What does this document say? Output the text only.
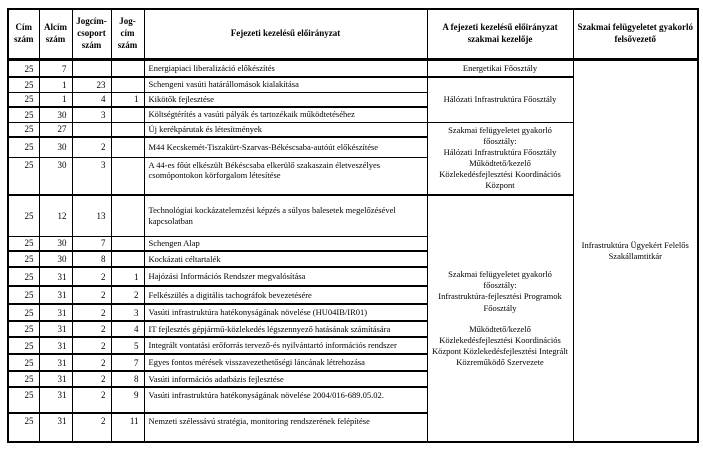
Cím szám	Alcím szám	Jogcím-csoport szám	Jog-cím szám	Fejezeti kezelésű előirányzat	A fejezeti kezelésű előirányzat szakmai kezelője	Szakmai felügyeletet gyakorló felsővezető
25	7			Energiapiaci liberalizáció előkészítés	Energetikai Főosztály	Infrastruktúra Ügyekért Felelős Szakállamtitkár
25	1	23		Schengeni vasúti határállomások kialakítása	Hálózati Infrastruktúra Főosztály	

25	1	4	1	Kikötők fejlesztése		
25	30	3		Költségtérítés a vasúti pályák és tartozékaik működtetéséhez		
25	27			Új kerékpárutak és létesítmények	Szakmai felügyeletet gyakorló főosztály:
Hálózati Infrastruktúra Főosztály
Működtető/kezelő
Közlekedésfejlesztési Koordinációs Központ	

25	30	2		M44 Kecskemét-Tiszakürt-Szarvas-Békéscsaba-autóút előkészítése		
25	30	3		A 44-es főút elkészült Békéscsaba elkerülő szakaszain életveszélyes csomópontokon körforgalom létesítése		
25	12	13		Technológiai kockázatelemzési képzés a súlyos balesetek megelőzésével kapcsolatban	Szakmai felügyeletet gyakorló főosztály:
Infrastruktúra-fejlesztési Programok Főosztály
Működtető/kezelő
Közlekedésfejlesztési Koordinációs Központ Közlekedésfejlesztési Integrált Közreműködő Szervezete	

25	30	7		Schengen Alap		
25	30	8		Kockázati céltartalék		
25	31	2	1	Hajózási Információs Rendszer megvalósítása		
25	31	2	2	Felkészülés a digitális tachográfok bevezetésére		
25	31	2	3	Vasúti infrastruktúra hatékonyságának növelése (HU04IB/IR01)		
25	31	2	4	IT fejlesztés gépjármű-közlekedés légszennyező hatásának számítására		
25	31	2	5	Integrált vontatási erőforrás tervező-és nyilvántartó információs rendszer		
25	31	2	7	Egyes fontos mérések visszavezethetőségi láncának létrehozása		
25	31	2	8	Vasúti információs adatbázis fejlesztése		
25	31	2	9	Vasúti infrastruktúra hatékonyságának növelése 2004/016-689.05.02.		
25	31	2	11	Nemzeti szélessávú stratégia, monitoring rendszerének felépítése		
